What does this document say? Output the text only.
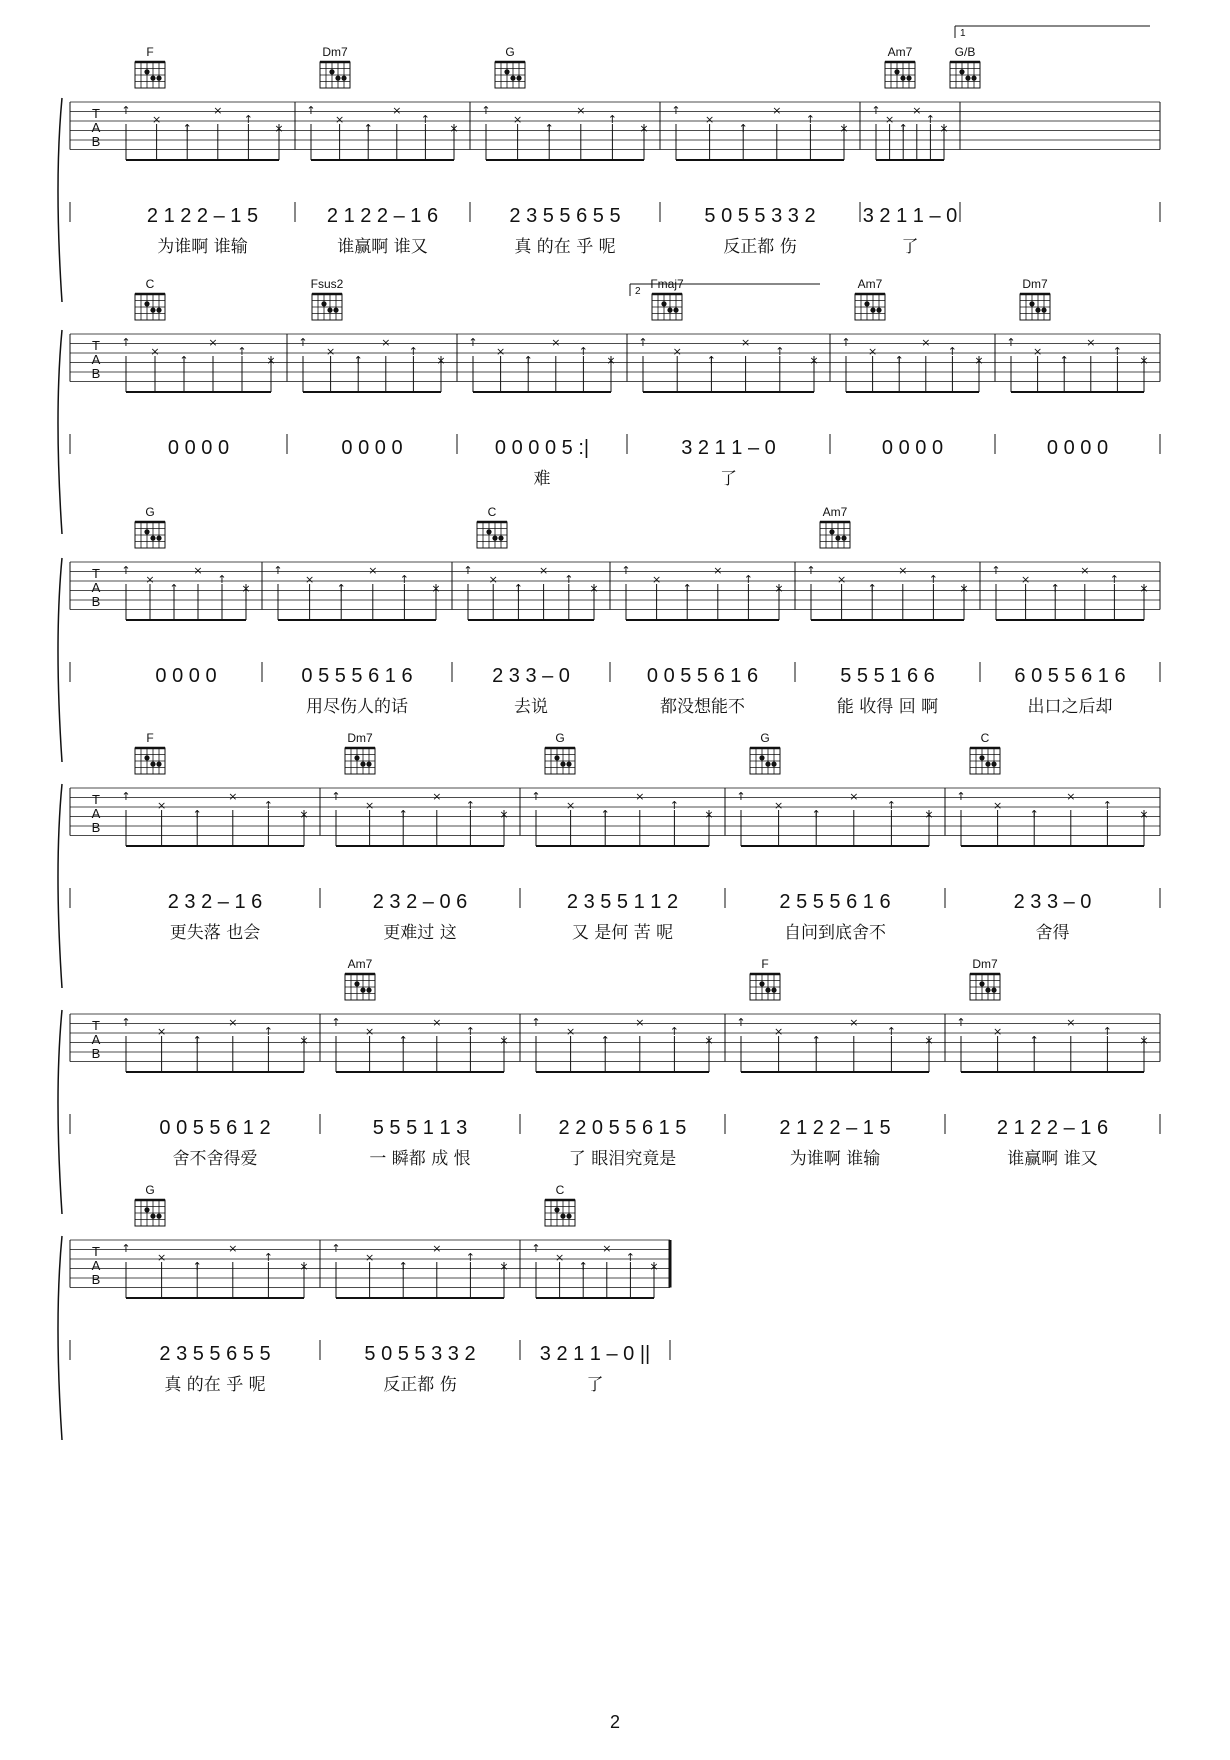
T
A
B
F
↑
×
↑
×
↑
×
2 1 2 2 – 1 5
为谁啊 谁输
Dm7
↑
×
↑
×
↑
×
2 1 2 2 – 1 6
谁赢啊 谁又
G
↑
×
↑
×
↑
×
2 3 5 5 6 5 5
真 的在 乎 呢
↑
×
↑
×
↑
×
5 0 5 5 3 3 2
反正都 伤
Am7	G/B
↑
×
↑
×
↑
×
3 2 1 1 – 0
了
T
A
B
C
↑
×
↑
×
↑
×
0 0 0 0
Fsus2
↑
×
↑
×
↑
×
0 0 0 0
↑
×
↑
×
↑
×
0 0 0 0 5 :|
难
Fmaj7
↑
×
↑
×
↑
×
3 2 1 1 – 0
了
Am7
↑
×
↑
×
↑
×
0 0 0 0
Dm7
↑
×
↑
×
↑
×
0 0 0 0
T
A
B
G
↑
×
↑
×
↑
×
0 0 0 0
↑
×
↑
×
↑
×
0 5 5 5 6 1 6
用尽伤人的话
C
↑
×
↑
×
↑
×
2 3 3 – 0
去说
↑
×
↑
×
↑
×
0 0 5 5 6 1 6
都没想能不
Am7
↑
×
↑
×
↑
×
5 5 5 1 6 6
能 收得 回 啊
↑
×
↑
×
↑
×
6 0 5 5 6 1 6
出口之后却
T
A
B
F
↑
×
↑
×
↑
×
2 3 2 – 1 6
更失落 也会
Dm7
↑
×
↑
×
↑
×
2 3 2 – 0 6
更难过 这
G
↑
×
↑
×
↑
×
2 3 5 5 1 1 2
又 是何 苦 呢
G
↑
×
↑
×
↑
×
2 5 5 5 6 1 6
自问到底舍不
C
↑
×
↑
×
↑
×
2 3 3 – 0
舍得
T
A
B
↑
×
↑
×
↑
×
0 0 5 5 6 1 2
舍不舍得爱
Am7
↑
×
↑
×
↑
×
5 5 5 1 1 3
一 瞬都 成 恨
↑
×
↑
×
↑
×
2 2 0 5 5 6 1 5
了 眼泪究竟是
F
↑
×
↑
×
↑
×
2 1 2 2 – 1 5
为谁啊 谁输
Dm7
↑
×
↑
×
↑
×
2 1 2 2 – 1 6
谁赢啊 谁又
T
A
B
G
↑
×
↑
×
↑
×
2 3 5 5 6 5 5
真 的在 乎 呢
↑
×
↑
×
↑
×
5 0 5 5 3 3 2
反正都 伤
C
↑
×
↑
×
↑
×
3 2 1 1 – 0 ||
了
1
2
2
